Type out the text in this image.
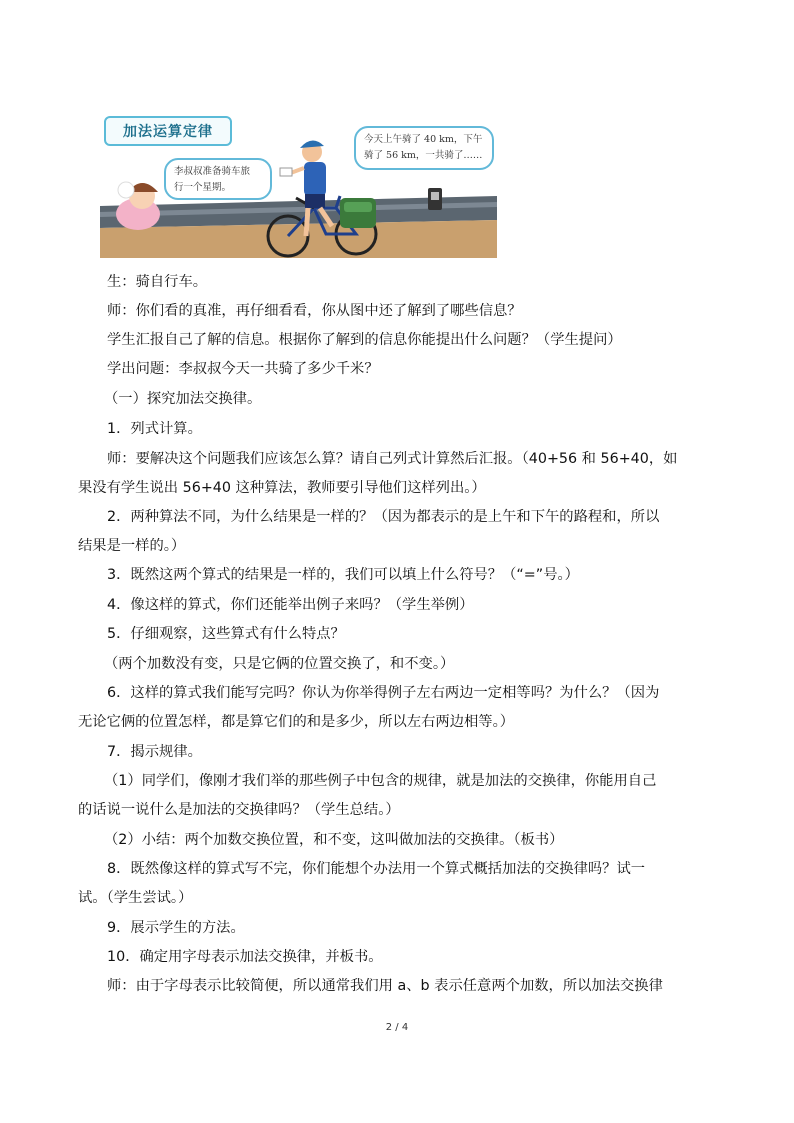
加法运算定律	今天上午骑了 40 km，下午
骑了 56 km，一共骑了……
李叔叔准备骑车旅
行一个星期。
生：骑自行车。
师：你们看的真准，再仔细看看，你从图中还了解到了哪些信息？
学生汇报自己了解的信息。根据你了解到的信息你能提出什么问题？（学生提问）
学出问题：李叔叔今天一共骑了多少千米？
（一）探究加法交换律。
1．列式计算。
师：要解决这个问题我们应该怎么算？请自己列式计算然后汇报。（40+56 和 56+40，如
果没有学生说出 56+40 这种算法，教师要引导他们这样列出。）
2．两种算法不同，为什么结果是一样的？（因为都表示的是上午和下午的路程和，所以
结果是一样的。）
3．既然这两个算式的结果是一样的，我们可以填上什么符号？（“=”号。）
4．像这样的算式，你们还能举出例子来吗？（学生举例）
5．仔细观察，这些算式有什么特点？
（两个加数没有变，只是它俩的位置交换了，和不变。）
6．这样的算式我们能写完吗？你认为你举得例子左右两边一定相等吗？为什么？（因为
无论它俩的位置怎样，都是算它们的和是多少，所以左右两边相等。）
7．揭示规律。
（1）同学们，像刚才我们举的那些例子中包含的规律，就是加法的交换律，你能用自己
的话说一说什么是加法的交换律吗？（学生总结。）
（2）小结：两个加数交换位置，和不变，这叫做加法的交换律。（板书）
8．既然像这样的算式写不完，你们能想个办法用一个算式概括加法的交换律吗？试一
试。（学生尝试。）
9．展示学生的方法。
10．确定用字母表示加法交换律，并板书。
师：由于字母表示比较简便，所以通常我们用 a、b 表示任意两个加数，所以加法交换律
2 / 4
